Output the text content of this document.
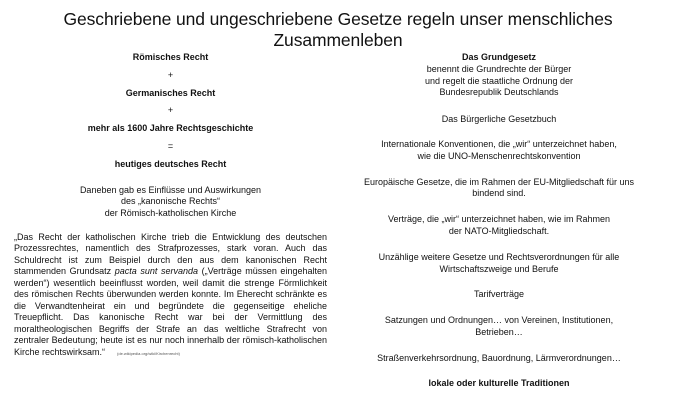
Geschriebene und ungeschriebene Gesetze regeln unser menschliches Zusammenleben

Römisches Recht

+

Germanisches Recht

+

mehr als 1600 Jahre Rechtsgeschichte

=

heutiges deutsches Recht

Daneben gab es Einflüsse und Auswirkungen
des „kanonische Rechts“
der Römisch-katholischen Kirche
„Das Recht der katholischen Kirche trieb die Entwicklung des deutschen Prozessrechtes, namentlich des Strafprozesses, stark voran. Auch das Schuldrecht ist zum Beispiel durch den aus dem kanonischen Recht stammenden Grundsatz pacta sunt servanda („Verträge müssen eingehalten werden“) wesentlich beeinflusst worden, weil damit die strenge Förmlichkeit des römischen Rechts überwunden werden konnte. Im Eherecht schränkte es die Verwandtenheirat ein und begründete die gegenseitige eheliche Treuepflicht. Das kanonische Recht war bei der Vermittlung des moraltheologischen Begriffs der Strafe an das weltliche Strafrecht von zentraler Bedeutung; heute ist es nur noch innerhalb der römisch-katholischen Kirche rechtswirksam.“	(de.wikipedia.org/wiki/Kirchenrecht)

Das Grundgesetz

benennt die Grundrechte der Bürger

und regelt die staatliche Ordnung der

Bundesrepublik Deutschlands

Das Bürgerliche Gesetzbuch

Internationale Konventionen, die „wir“ unterzeichnet haben,

wie die UNO-Menschenrechtskonvention

Europäische Gesetze, die im Rahmen der EU-Mitgliedschaft für uns

bindend sind.

Verträge, die „wir“ unterzeichnet haben, wie im Rahmen

der NATO-Mitgliedschaft.

Unzählige weitere Gesetze und Rechtsverordnungen für alle

Wirtschaftszweige und Berufe

Tarifverträge

Satzungen und Ordnungen… von Vereinen, Institutionen,

Betrieben…

Straßenverkehrsordnung, Bauordnung, Lärmverordnungen…

lokale oder kulturelle Traditionen
